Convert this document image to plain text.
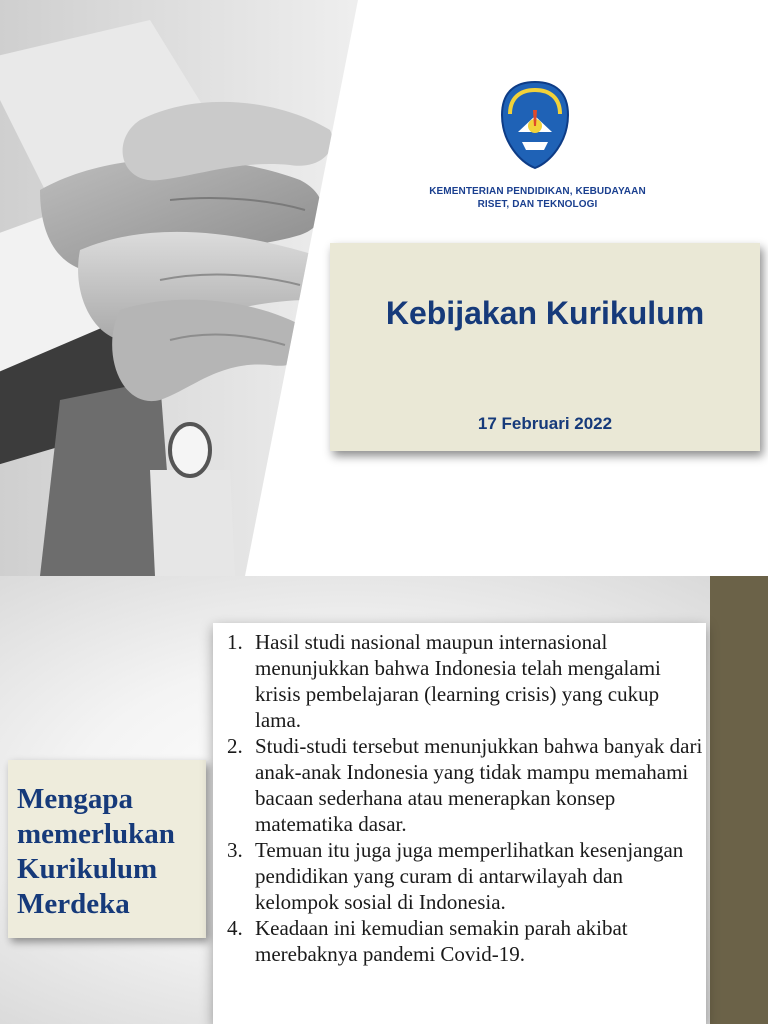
KEMENTERIAN PENDIDIKAN, KEBUDAYAAN
RISET, DAN TEKNOLOGI
Kebijakan Kurikulum
17 Februari 2022

Mengapa
memerlukan
Kurikulum
Merdeka

1. Hasil studi nasional maupun internasional menunjukkan bahwa Indonesia telah mengalami krisis pembelajaran (learning crisis) yang cukup lama.
2. Studi-studi tersebut menunjukkan bahwa banyak dari anak-anak Indonesia yang tidak mampu memahami bacaan sederhana atau menerapkan konsep matematika dasar.
3. Temuan itu juga juga memperlihatkan kesenjangan pendidikan yang curam di antarwilayah dan kelompok sosial di Indonesia.
4. Keadaan ini kemudian semakin parah akibat merebaknya pandemi Covid-19.
